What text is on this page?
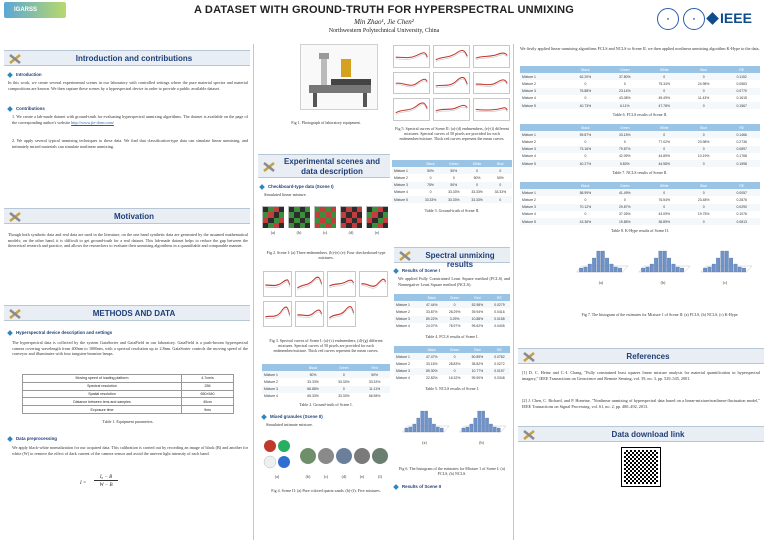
IGARSS	A DATASET WITH GROUND-TRUTH FOR HYPERSPECTRAL UNMIXING
Min Zhao¹, Jie Chen²
Northwestern Polytechnical University, China
●	●	IEEE
Introduction and contributions
Introduction
In this work, we create several experimental scenes in our laboratory with controlled settings where the pure material spectra and material compositions are known. We then capture these scenes by a hyperspectral device in order to provide a public available dataset.
Contributions
1. We create a lab-made dataset with ground-truth for evaluating hyperspectral unmixing algorithms. The dataset is available on the page of the corresponding author's website http://www.jie-chen.com/
2. We apply several typical unmixing techniques to these data. We find that classification-type data can simulate linear unmixing, and intimately mixed materials can simulate nonlinear unmixing.
Motivation
Though both synthetic data and real data are used in the literature, on the one hand synthetic data are generated by the assumed mathematical models; on the other hand, it is difficult to get ground-truth for a real dataset. This lab-made dataset helps to reduce the gap between the theoretical research and practice, and allows the researchers to evaluate their unmixing algorithms in a quantifiable and comparable manner.
METHODS AND DATA
Hyperspectral device description and settings
The hyperspectral data is collected by the system GaiaSorter and GaiaField in our laboratory. GaiaField is a push-broom hyperspectral camera covering wavelength from 400nm to 1000nm, with a spectral resolution up to 2.8nm. GaiaSorter controls the moving speed of the conveyor and illuminates with four tungsten-bromine lamps.
Moving speed of loading platform	4.7cm/s
Spectral resolution	256
Spatial resolution	650×540
Distance between lens and samples	40cm
Exposure time	9ms
Table 1. Equipment parameters.
Data preprocessing
We apply black-white normalization for our acquired data. This calibration is carried out by recording an image of black (B) and another for white (W) to remove the effect of dark current of the camera sensor and avoid the uneven light intensity of each band.
I =
I₀ − B
W − B
Fig 1. Photograph of laboratory equipment.
Fig 5. Spectral curves of Scene II: (a)-(d) endmembers, (e)-(i) different mixtures. Spectral curves of 50 pixels are provided for each endmember/mixture. Thick red curves represent the mean curves.
Experimental scenes and data description
Checkboard-type data (Scene I)
Simulated linear mixture.
	Black	Green	White	Blue
Mixture 1	50%	50%	0	0
Mixture 2	0	0	50%	50%
Mixture 3	75%	50%	0	0
Mixture 4	0	33.33%	33.33%	33.33%
Mixture 5	33.33%	33.33%	33.33%	0
Table 3. Ground-truth of Scene II.
(a)	(b)	(c)	(d)	(e)
Fig 2. Scene I: (a) Three endmembers. (b)-(e) (e): Four checkerboard-type mixtures.	Spectral unmixing results
Results of Scene I
We applied Fully Constrained Least Square method (FCLS) and Nonnegative Least Square method (NCLS).
Fig 3. Spectral curves of Scene I: (a)-(c) endmembers, (d)-(g) different mixtures. Spectral curves of 50 pixels are provided for each endmember/mixture. Thick red curves represent the mean curves.
	Black	Green	Red	RE
Mixture 1	47.44%	0	52.98%	0.0279
Mixture 2	33.87%	28.29%	39.94%	0.0416
Mixture 3	89.22%	3.29%	10.88%	0.0158
Mixture 4	24.07%	78.97%	99.62%	0.0405
Table 4. FCLS results of Scene I.
	Black	Green	Red	RE
Mixture 1	47.47%	0	50.89%	0.0782
Mixture 2	33.15%	28.83%	35.82%	0.0272
Mixture 3	89.30%	0	10.77%	0.0197
Mixture 4	22.82%	16.32%	99.90%	0.0348
Table 5. NCLS results of Scene I.
	Black	Green	Red
Mixture 1	50%	0	50%
Mixture 2	33.33%	33.33%	33.33%
Mixture 3	66.88%	0	11.11%
Mixture 4	65.33%	33.33%	66.98%
Table 2. Ground-truth of Scene I.
Mixed granules (Scene II)
Simulated intimate mixture.
(a)	(b)	(c)	(d)	(e)	(f)
Fig 4. Scene II: (a) Pure colored quartz sands. (b)-(f): Five mixtures.
(a)	(b)
Fig 6. The histogram of the estimates for Mixture 1 of Scene I: (a) FCLS, (b) NCLS.
Results of Scene II
We firstly applied linear unmixing algorithms FCLS and NCLS to Scene II, we then applied nonlinear unmixing algorithm K-Hype to the data.
	Black	Green	White	Blue	RE
Mixture 1	62.20%	37.80%	0	0	0.1152
Mixture 2	0	0	75.34%	24.98%	0.0563
Mixture 3	76.88%	23.14%	0	0	0.0770
Mixture 4	0	43.08%	45.49%	11.43%	0.1615
Mixture 5	40.73%	6.11%	47.78%	0	0.1567
Table 6. FCLS results of Scene II.
	Black	Green	White	Blue	RE
Mixture 1	59.87%	33.15%	0	0	0.1466
Mixture 2	0	0	77.02%	23.98%	0.2736
Mixture 3	73.16%	79.87%	0	0	0.0897
Mixture 4	0	42.09%	44.89%	10.19%	0.1768
Mixture 5	40.27%	5.80%	44.98%	0	0.1598
Table 7. NCLS results of Scene II.
	Black	Green	White	Blue	RE
Mixture 1	58.99%	41.49%	0	0	0.0057
Mixture 2	0	0	76.54%	23.48%	0.2876
Mixture 3	70.12%	29.87%	0	0	0.0290
Mixture 4	0	37.26%	43.09%	19.75%	0.1076
Mixture 5	43.36%	19.85%	36.89%	0	0.0813
Table 8. K-Hype results of Scene II.
(a)	(b)	(c)
Fig 7. The histogram of the estimates for Mixture 1 of Scene II: (a) FCLS, (b) NCLS, (c) K-Hype.
References
[1] D. C. Heinz and C.-I. Chang, "Fully constrained least squares linear mixture analysis for material quantification in hyperspectral imagery," IEEE Transactions on Geoscience and Remote Sensing, vol. 39, no. 3, pp. 529–545, 2001.
[2] J. Chen, C. Richard, and P. Honeine, "Nonlinear unmixing of hyperspectral data based on a linear-mixture/nonlinear-fluctuation model," IEEE Transactions on Signal Processing, vol. 61, no. 2, pp. 480–492, 2013.
Data download link
